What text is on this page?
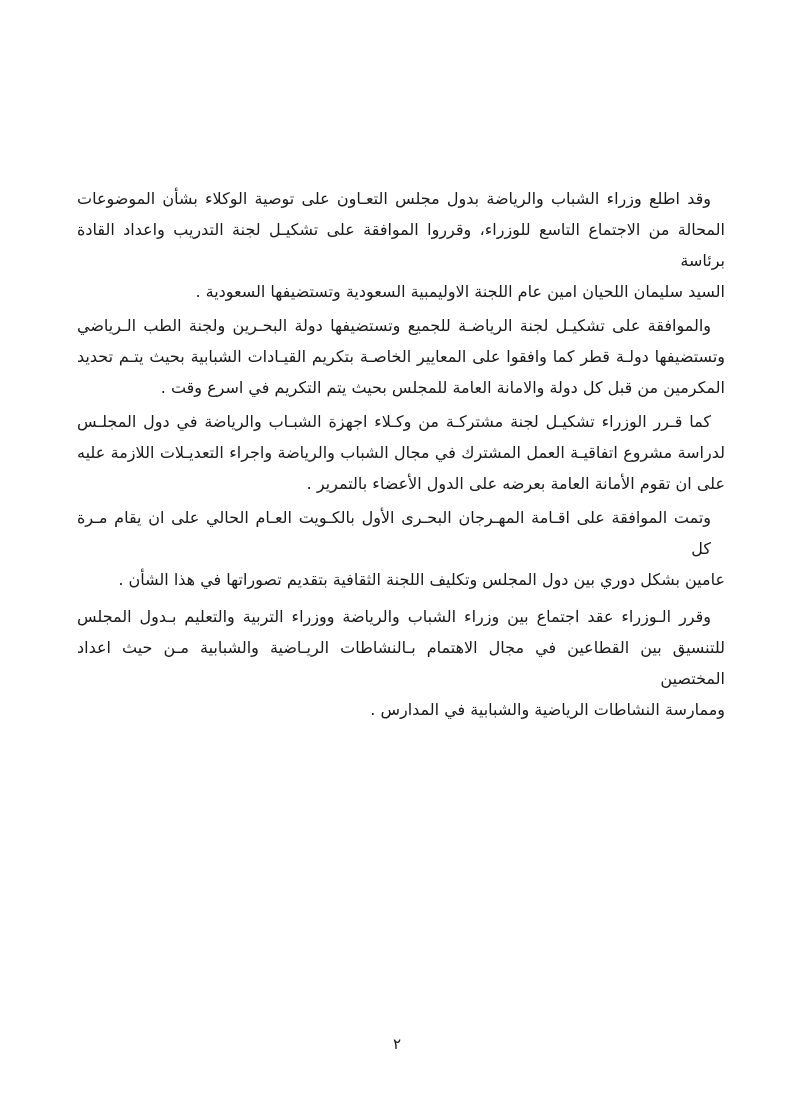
وقد اطلع وزراء الشباب والرياضة بدول مجلس التعـاون على توصية الوكلاء بشأن الموضوعات
المحالة من الاجتماع التاسع للوزراء، وقرروا الموافقة على تشكيـل لجنة التدريب واعداد القادة برئاسة
السيد سليمان اللحيان امين عام اللجنة الاوليمبية السعودية وتستضيفها السعودية .
والموافقة على تشكيـل لجنة الرياضـة للجميع وتستضيفها دولة البحـرين ولجنة الطب الـرياضي
وتستضيفها دولـة قطر كما وافقوا على المعايير الخاصـة بتكريم القيـادات الشبابية بحيث يتـم تحديد
المكرمين من قبل كل دولة والامانة العامة للمجلس بحيث يتم التكريم في اسرع وقت .
كما قـرر الوزراء تشكيـل لجنة مشتركـة من وكـلاء اجهزة الشبـاب والرياضة في دول المجلـس
لدراسة مشروع اتفاقيـة العمل المشترك في مجال الشباب والرياضة واجراء التعديـلات اللازمة عليه
على ان تقوم الأمانة العامة بعرضه على الدول الأعضاء بالتمرير .
وتمت الموافقة على اقـامة المهـرجان البحـرى الأول بالكـويت العـام الحالي على ان يقام مـرة كل
عامين بشكل دوري بين دول المجلس وتكليف اللجنة الثقافية بتقديم تصوراتها في هذا الشأن .
وقرر الـوزراء عقد اجتماع بين وزراء الشباب والرياضة ووزراء التربية والتعليم بـدول المجلس
للتنسيق بين القطاعين في مجال الاهتمام بـالنشاطات الريـاضية والشبابية مـن حيث اعداد المختصين
وممارسة النشاطات الرياضية والشبابية في المدارس .
٢
